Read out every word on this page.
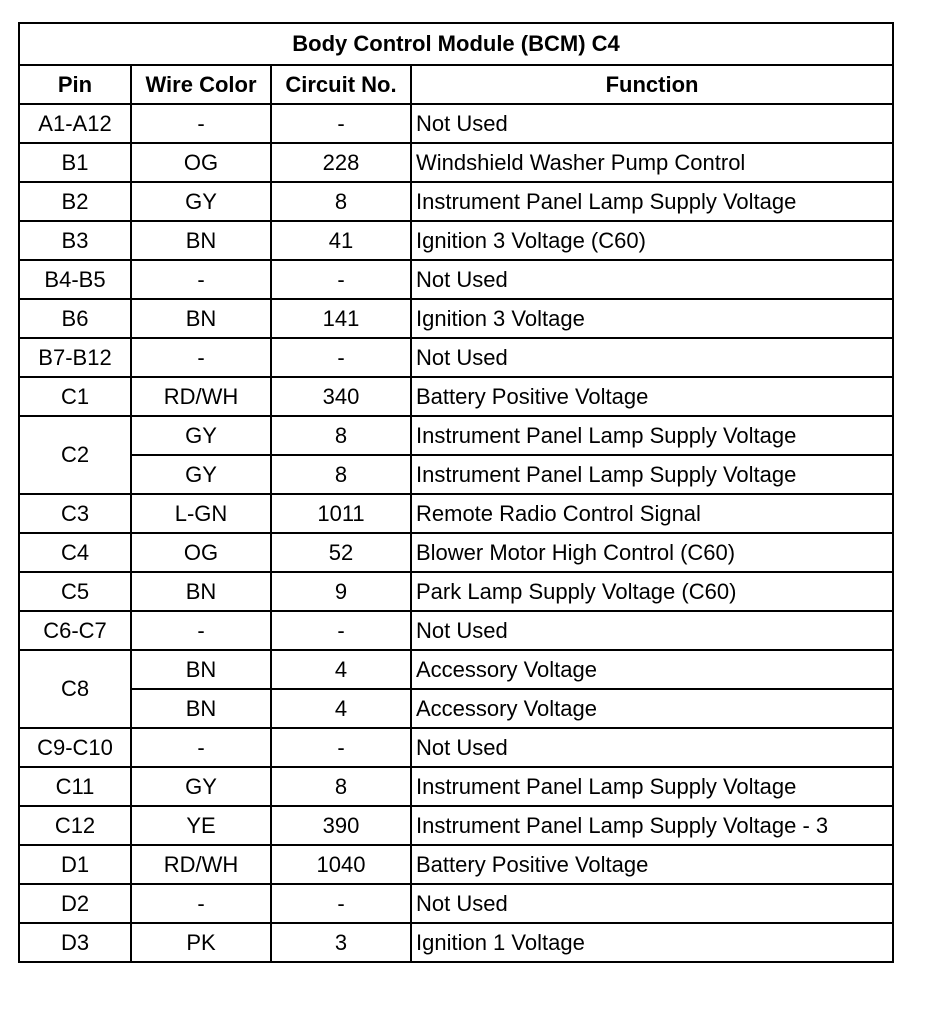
Body Control Module (BCM) C4			
Pin	Wire Color	Circuit No.	Function
A1-A12	-	-	Not Used
B1	OG	228	Windshield Washer Pump Control
B2	GY	8	Instrument Panel Lamp Supply Voltage
B3	BN	41	Ignition 3 Voltage (C60)
B4-B5	-	-	Not Used
B6	BN	141	Ignition 3 Voltage
B7-B12	-	-	Not Used
C1	RD/WH	340	Battery Positive Voltage
C2	GY	8	Instrument Panel Lamp Supply Voltage
	GY	8	Instrument Panel Lamp Supply Voltage
C3	L-GN	1011	Remote Radio Control Signal
C4	OG	52	Blower Motor High Control (C60)
C5	BN	9	Park Lamp Supply Voltage (C60)
C6-C7	-	-	Not Used
C8	BN	4	Accessory Voltage
	BN	4	Accessory Voltage
C9-C10	-	-	Not Used
C11	GY	8	Instrument Panel Lamp Supply Voltage
C12	YE	390	Instrument Panel Lamp Supply Voltage - 3
D1	RD/WH	1040	Battery Positive Voltage
D2	-	-	Not Used
D3	PK	3	Ignition 1 Voltage
